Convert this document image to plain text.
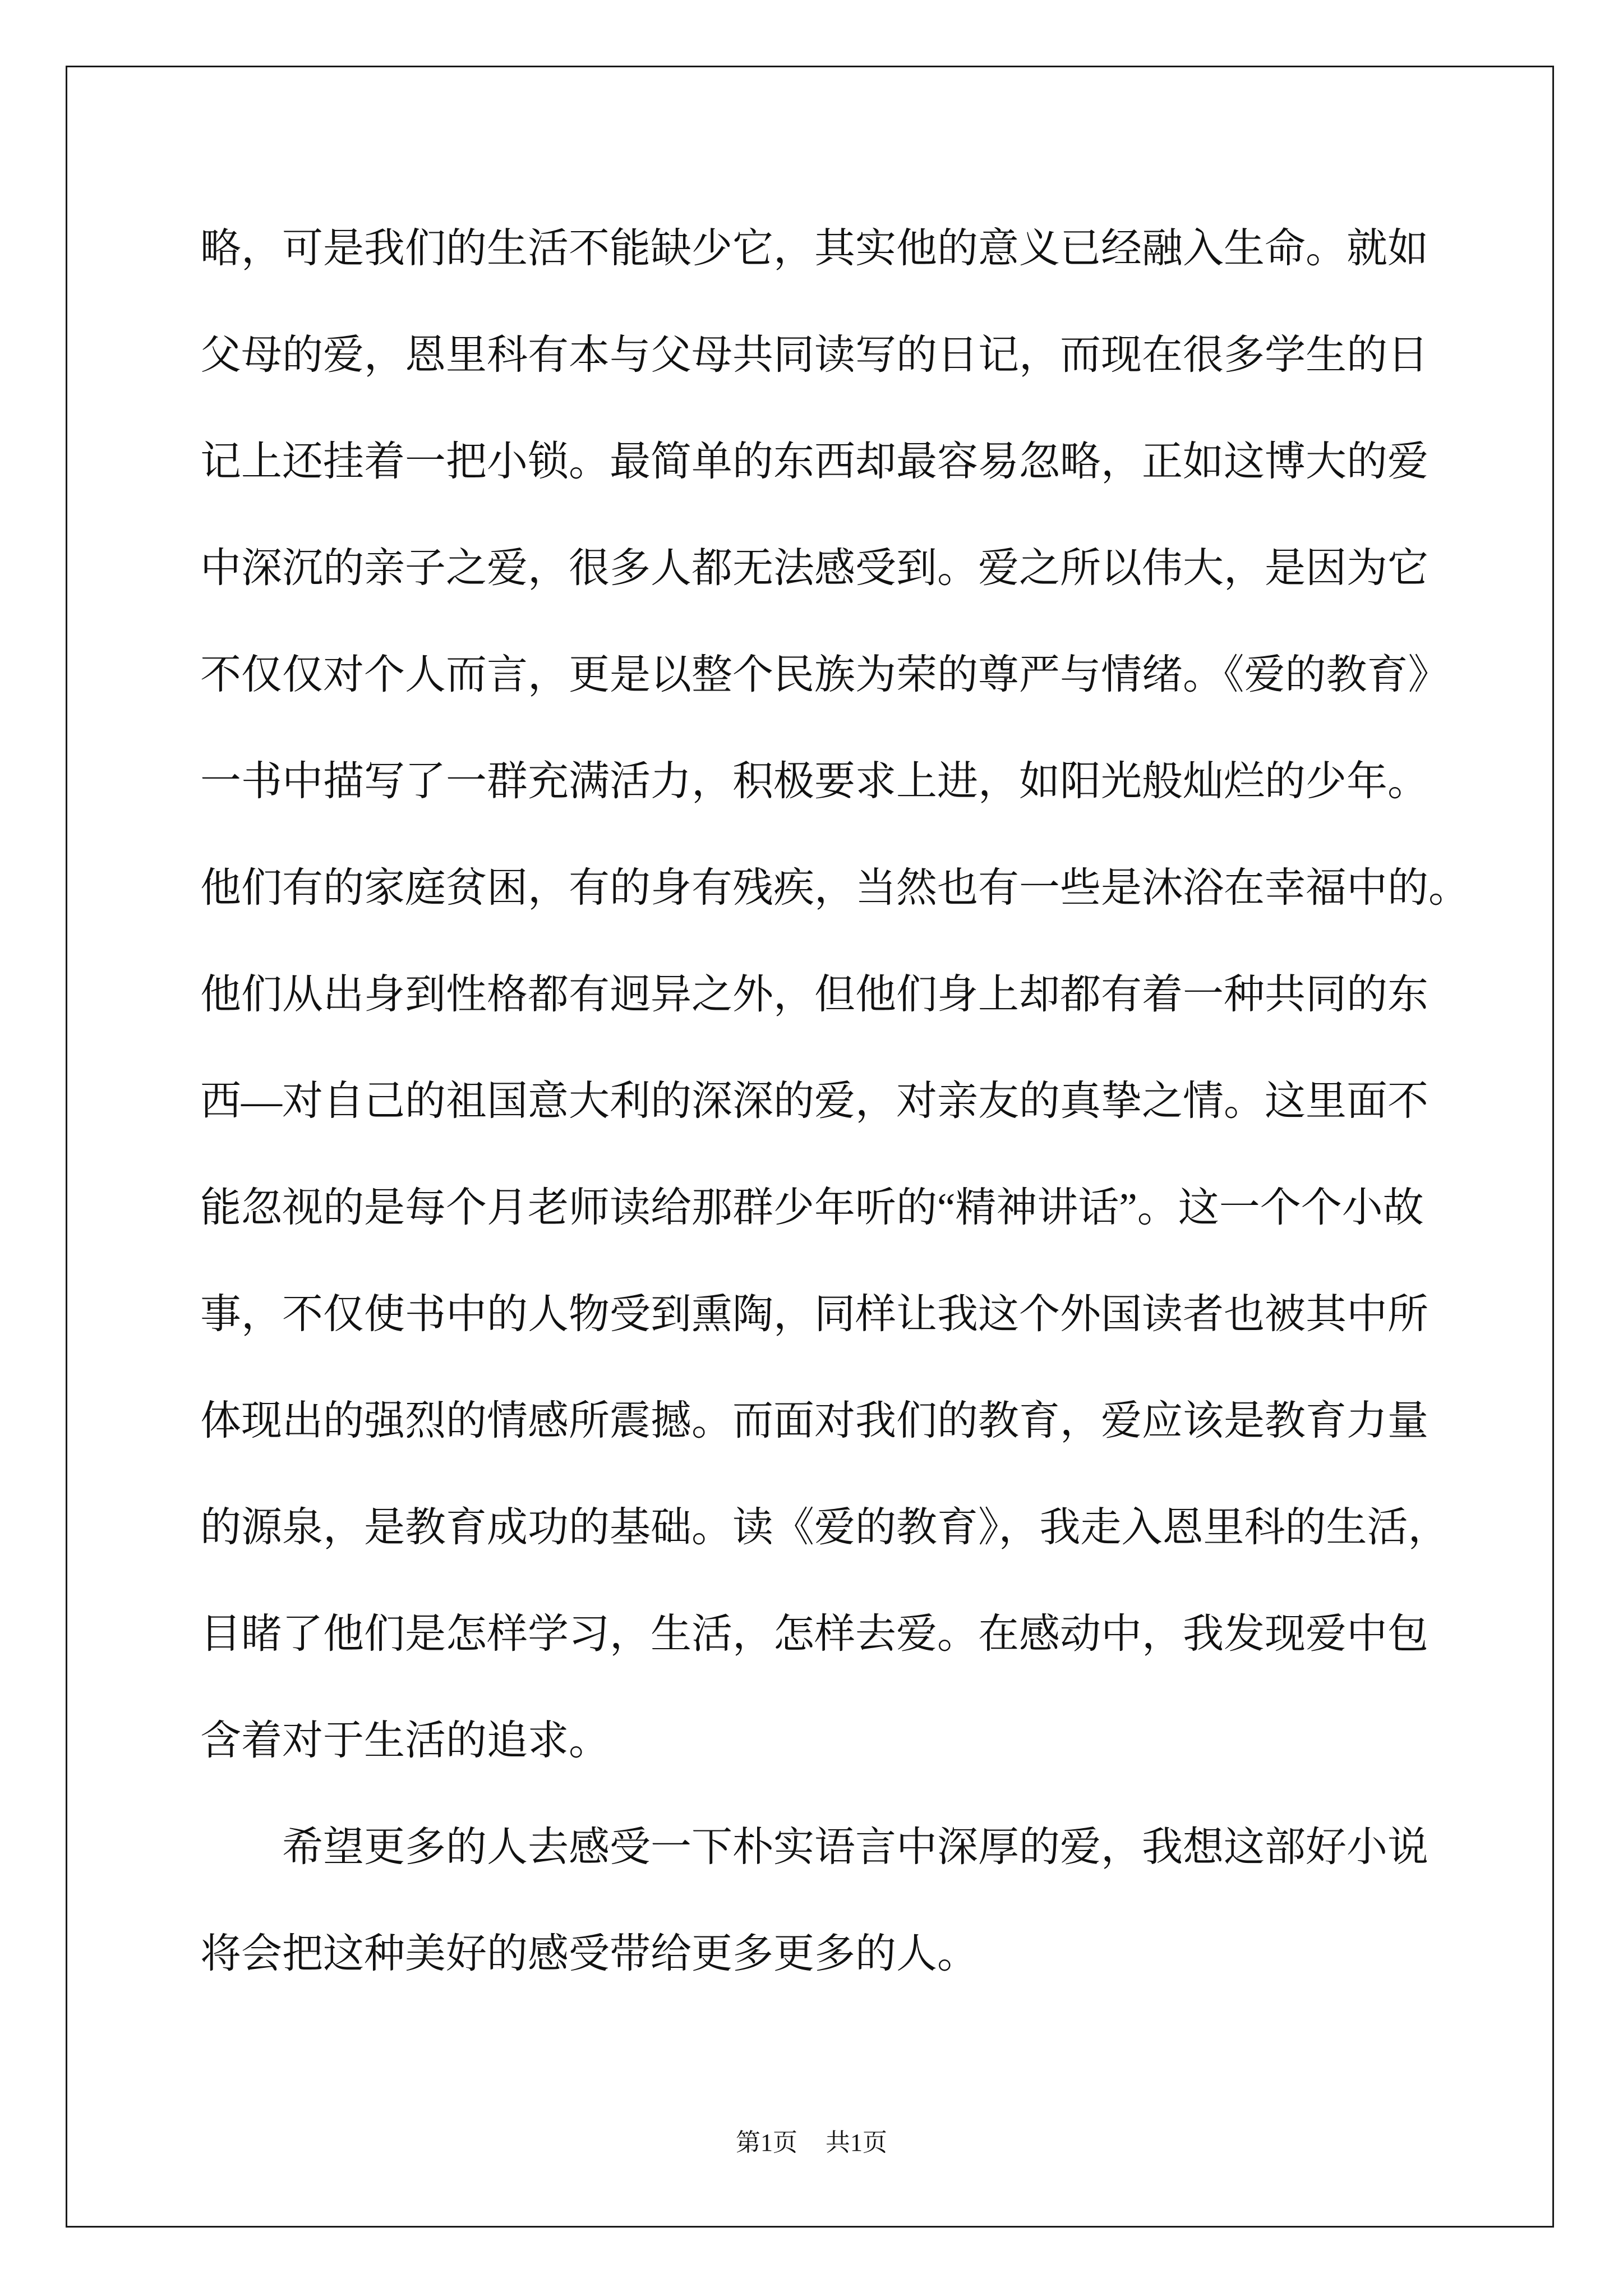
略，可是我们的生活不能缺少它，其实他的意义已经融入生命。就如
父母的爱，恩里科有本与父母共同读写的日记，而现在很多学生的日
记上还挂着一把小锁。最简单的东西却最容易忽略，正如这博大的爱
中深沉的亲子之爱，很多人都无法感受到。爱之所以伟大，是因为它
不仅仅对个人而言，更是以整个民族为荣的尊严与情绪。《爱的教育》
一书中描写了一群充满活力，积极要求上进，如阳光般灿烂的少年。
他们有的家庭贫困，有的身有残疾，当然也有一些是沐浴在幸福中的。
他们从出身到性格都有迥异之外，但他们身上却都有着一种共同的东
西—对自己的祖国意大利的深深的爱，对亲友的真挚之情。这里面不
能忽视的是每个月老师读给那群少年听的“精神讲话”。这一个个小故
事，不仅使书中的人物受到熏陶，同样让我这个外国读者也被其中所
体现出的强烈的情感所震撼。而面对我们的教育，爱应该是教育力量
的源泉，是教育成功的基础。读《爱的教育》，我走入恩里科的生活，
目睹了他们是怎样学习，生活，怎样去爱。在感动中，我发现爱中包
含着对于生活的追求。
希望更多的人去感受一下朴实语言中深厚的爱，我想这部好小说
将会把这种美好的感受带给更多更多的人。
第1页 共1页
